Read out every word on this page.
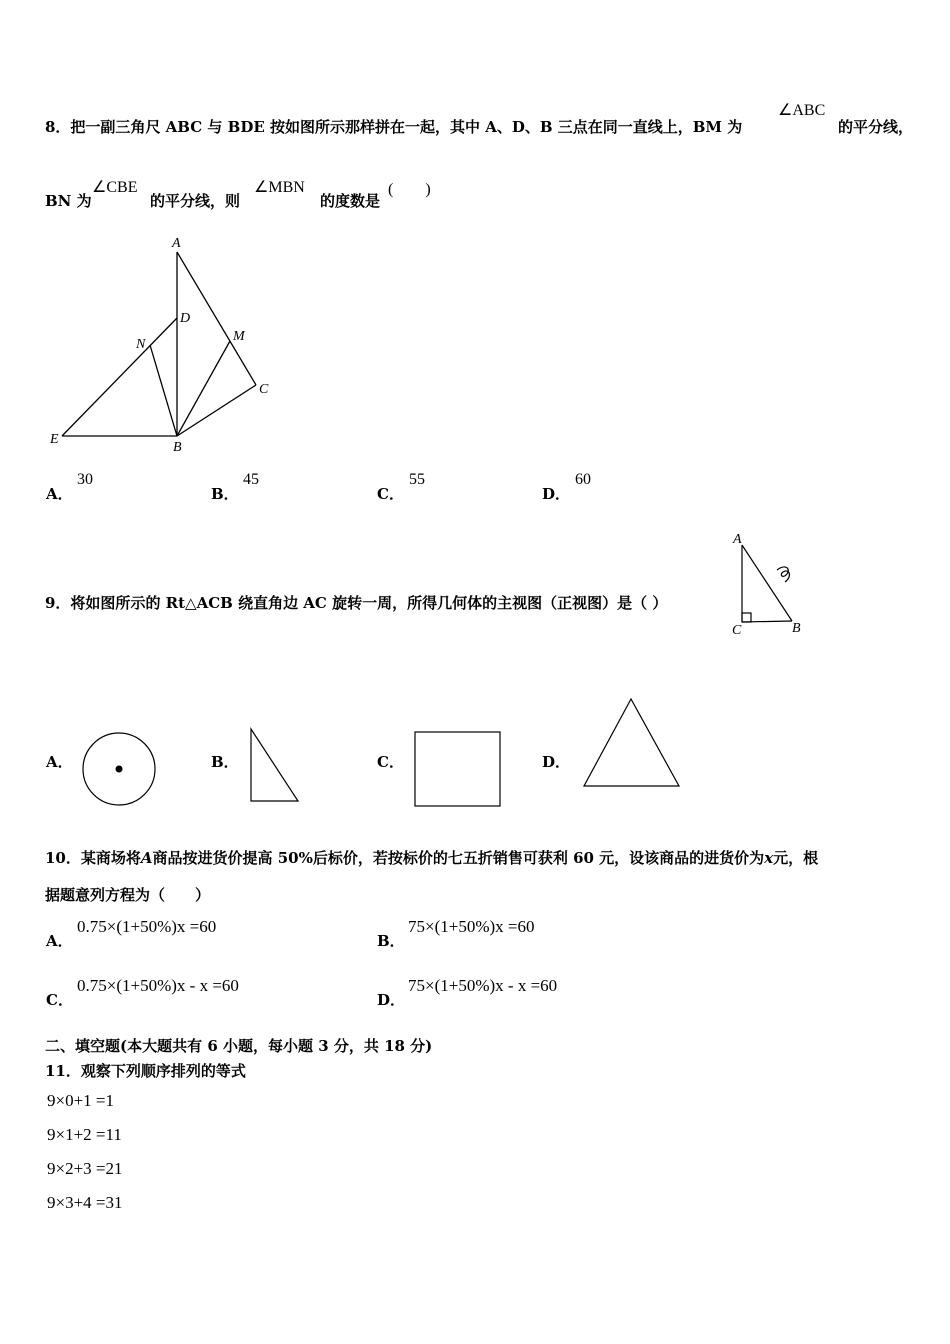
8．把一副三角尺 ABC 与 BDE 按如图所示那样拼在一起，其中 A、D、B 三点在同一直线上，BM 为
∠ABC
的平分线，
BN 为
∠CBE
的平分线，则
∠MBN
的度数是
(　　)
A
D
N
M
C
E
B
A．
30
B．
45
C．
55
D．
60
9．将如图所示的 Rt△ACB 绕直角边 AC 旋转一周，所得几何体的主视图（正视图）是（ ）
A
C	B
A．	B．	C．	D．
10．某商场将A商品按进货价提高 50%后标价，若按标价的七五折销售可获利 60 元，设该商品的进货价为x元，根
据题意列方程为（　　）
A．
0.75×(1+50%)x =60
B．
75×(1+50%)x =60
C．
0.75×(1+50%)x - x =60
D．
75×(1+50%)x - x =60
二、填空题(本大题共有 6 小题，每小题 3 分，共 18 分)
11．观察下列顺序排列的等式
9×0+1 =1
9×1+2 =11
9×2+3 =21
9×3+4 =31
